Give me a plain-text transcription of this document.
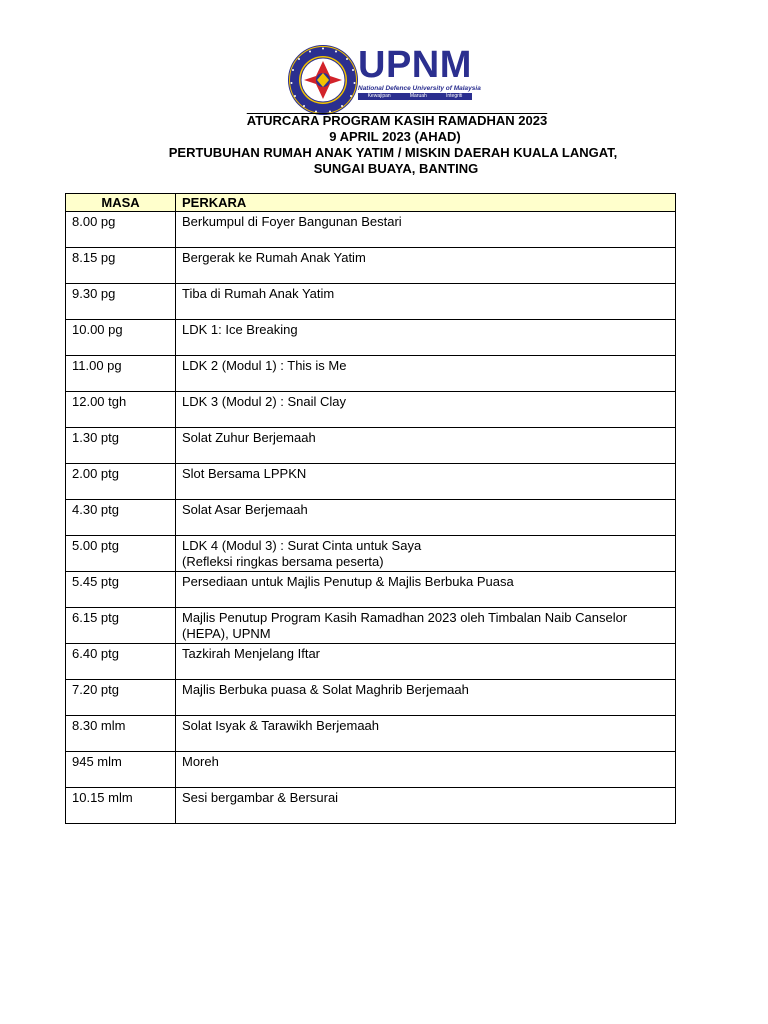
UPNM
National Defence University of Malaysia
Kewajipan	Maruah	Integriti
ATURCARA PROGRAM KASIH RAMADHAN 2023
9 APRIL 2023 (AHAD)
PERTUBUHAN RUMAH ANAK YATIM / MISKIN DAERAH KUALA LANGAT,
SUNGAI BUAYA, BANTING
MASA	PERKARA
8.00 pg	Berkumpul di Foyer Bangunan Bestari

8.15 pg	Bergerak ke Rumah Anak Yatim

9.30 pg	Tiba di Rumah Anak Yatim

10.00 pg	LDK 1: Ice Breaking

11.00 pg	LDK 2 (Modul 1) : This is Me

12.00 tgh	LDK 3 (Modul 2) : Snail Clay

1.30 ptg	Solat Zuhur Berjemaah

2.00 ptg	Slot Bersama LPPKN

4.30 ptg	Solat Asar Berjemaah

5.00 ptg	LDK 4 (Modul 3) : Surat Cinta untuk Saya
(Refleksi ringkas bersama peserta)

5.45 ptg	Persediaan untuk Majlis Penutup & Majlis Berbuka Puasa

6.15 ptg	Majlis Penutup Program Kasih Ramadhan 2023 oleh Timbalan Naib Canselor
(HEPA), UPNM

6.40 ptg	Tazkirah Menjelang Iftar

7.20 ptg	Majlis Berbuka puasa & Solat Maghrib Berjemaah

8.30 mlm	Solat Isyak & Tarawikh Berjemaah

945 mlm	Moreh

10.15 mlm	Sesi bergambar & Bersurai
